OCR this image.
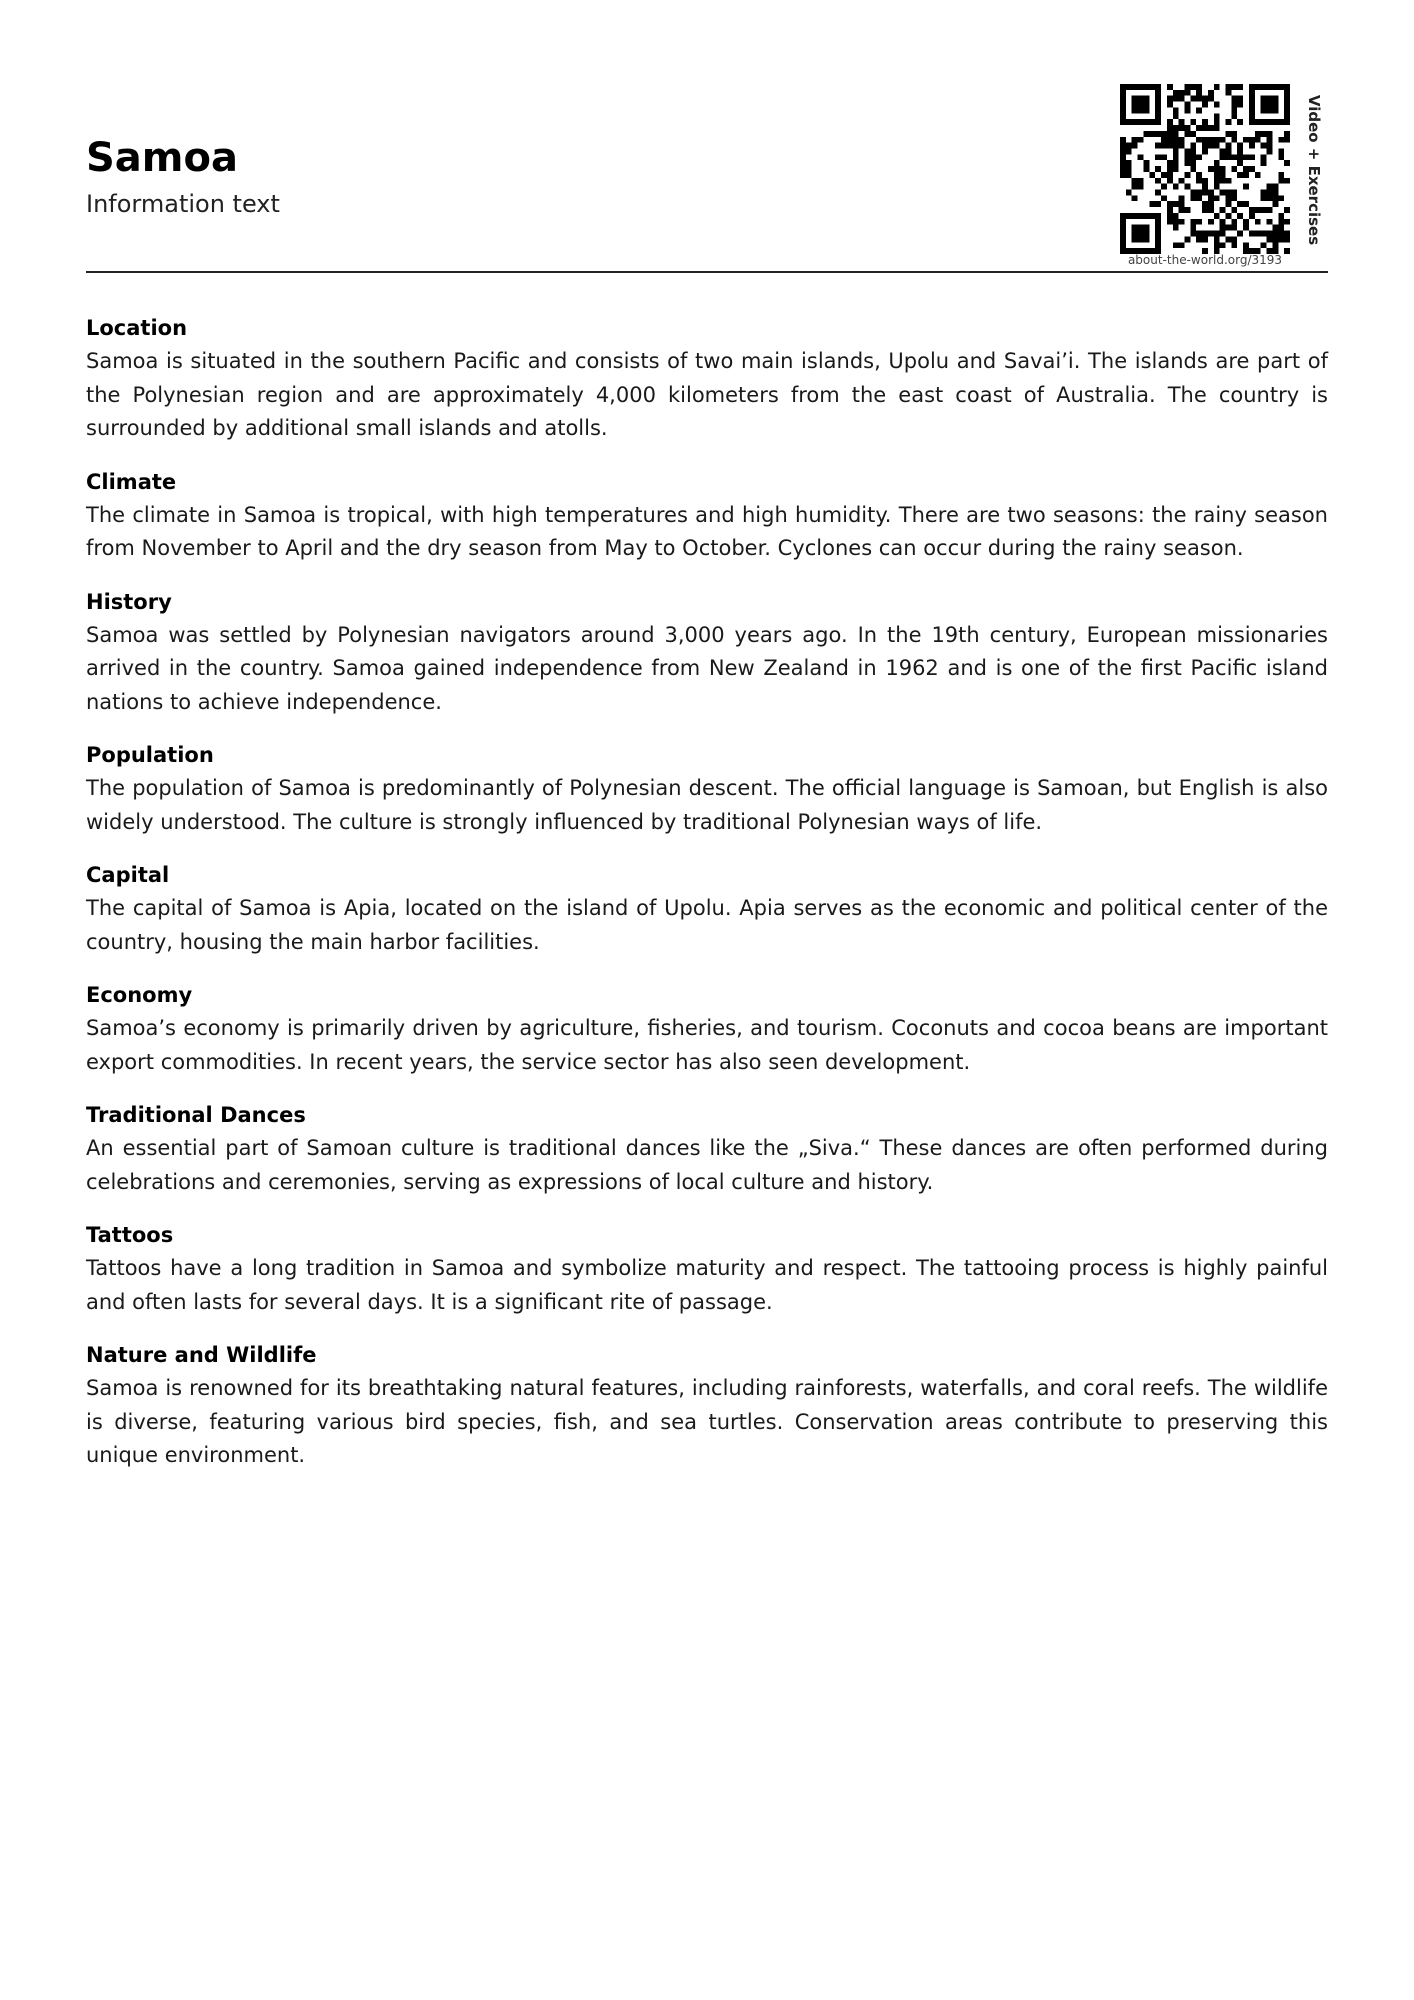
Samoa
Information text
about-the-world.org/3193
Video + Exercises
Location

Samoa is situated in the southern Pacific and consists of two main islands, Upolu and Savai’i. The islands are part of the Polynesian region and are approximately 4,000 kilometers from the east coast of Australia. The country is surrounded by additional small islands and atolls.

Climate

The climate in Samoa is tropical, with high temperatures and high humidity. There are two seasons: the rainy season from November to April and the dry season from May to October. Cyclones can occur during the rainy season.

History

Samoa was settled by Polynesian navigators around 3,000 years ago. In the 19th century, European missionaries arrived in the country. Samoa gained independence from New Zealand in 1962 and is one of the first Pacific island nations to achieve independence.

Population

The population of Samoa is predominantly of Polynesian descent. The official language is Samoan, but English is also widely understood. The culture is strongly influenced by traditional Polynesian ways of life.

Capital

The capital of Samoa is Apia, located on the island of Upolu. Apia serves as the economic and political center of the country, housing the main harbor facilities.

Economy

Samoa’s economy is primarily driven by agriculture, fisheries, and tourism. Coconuts and cocoa beans are important export commodities. In recent years, the service sector has also seen development.

Traditional Dances

An essential part of Samoan culture is traditional dances like the „Siva.“ These dances are often performed during celebrations and ceremonies, serving as expressions of local culture and history.

Tattoos

Tattoos have a long tradition in Samoa and symbolize maturity and respect. The tattooing process is highly painful and often lasts for several days. It is a significant rite of passage.

Nature and Wildlife

Samoa is renowned for its breathtaking natural features, including rainforests, waterfalls, and coral reefs. The wildlife is diverse, featuring various bird species, fish, and sea turtles. Conservation areas contribute to preserving this unique environment.
